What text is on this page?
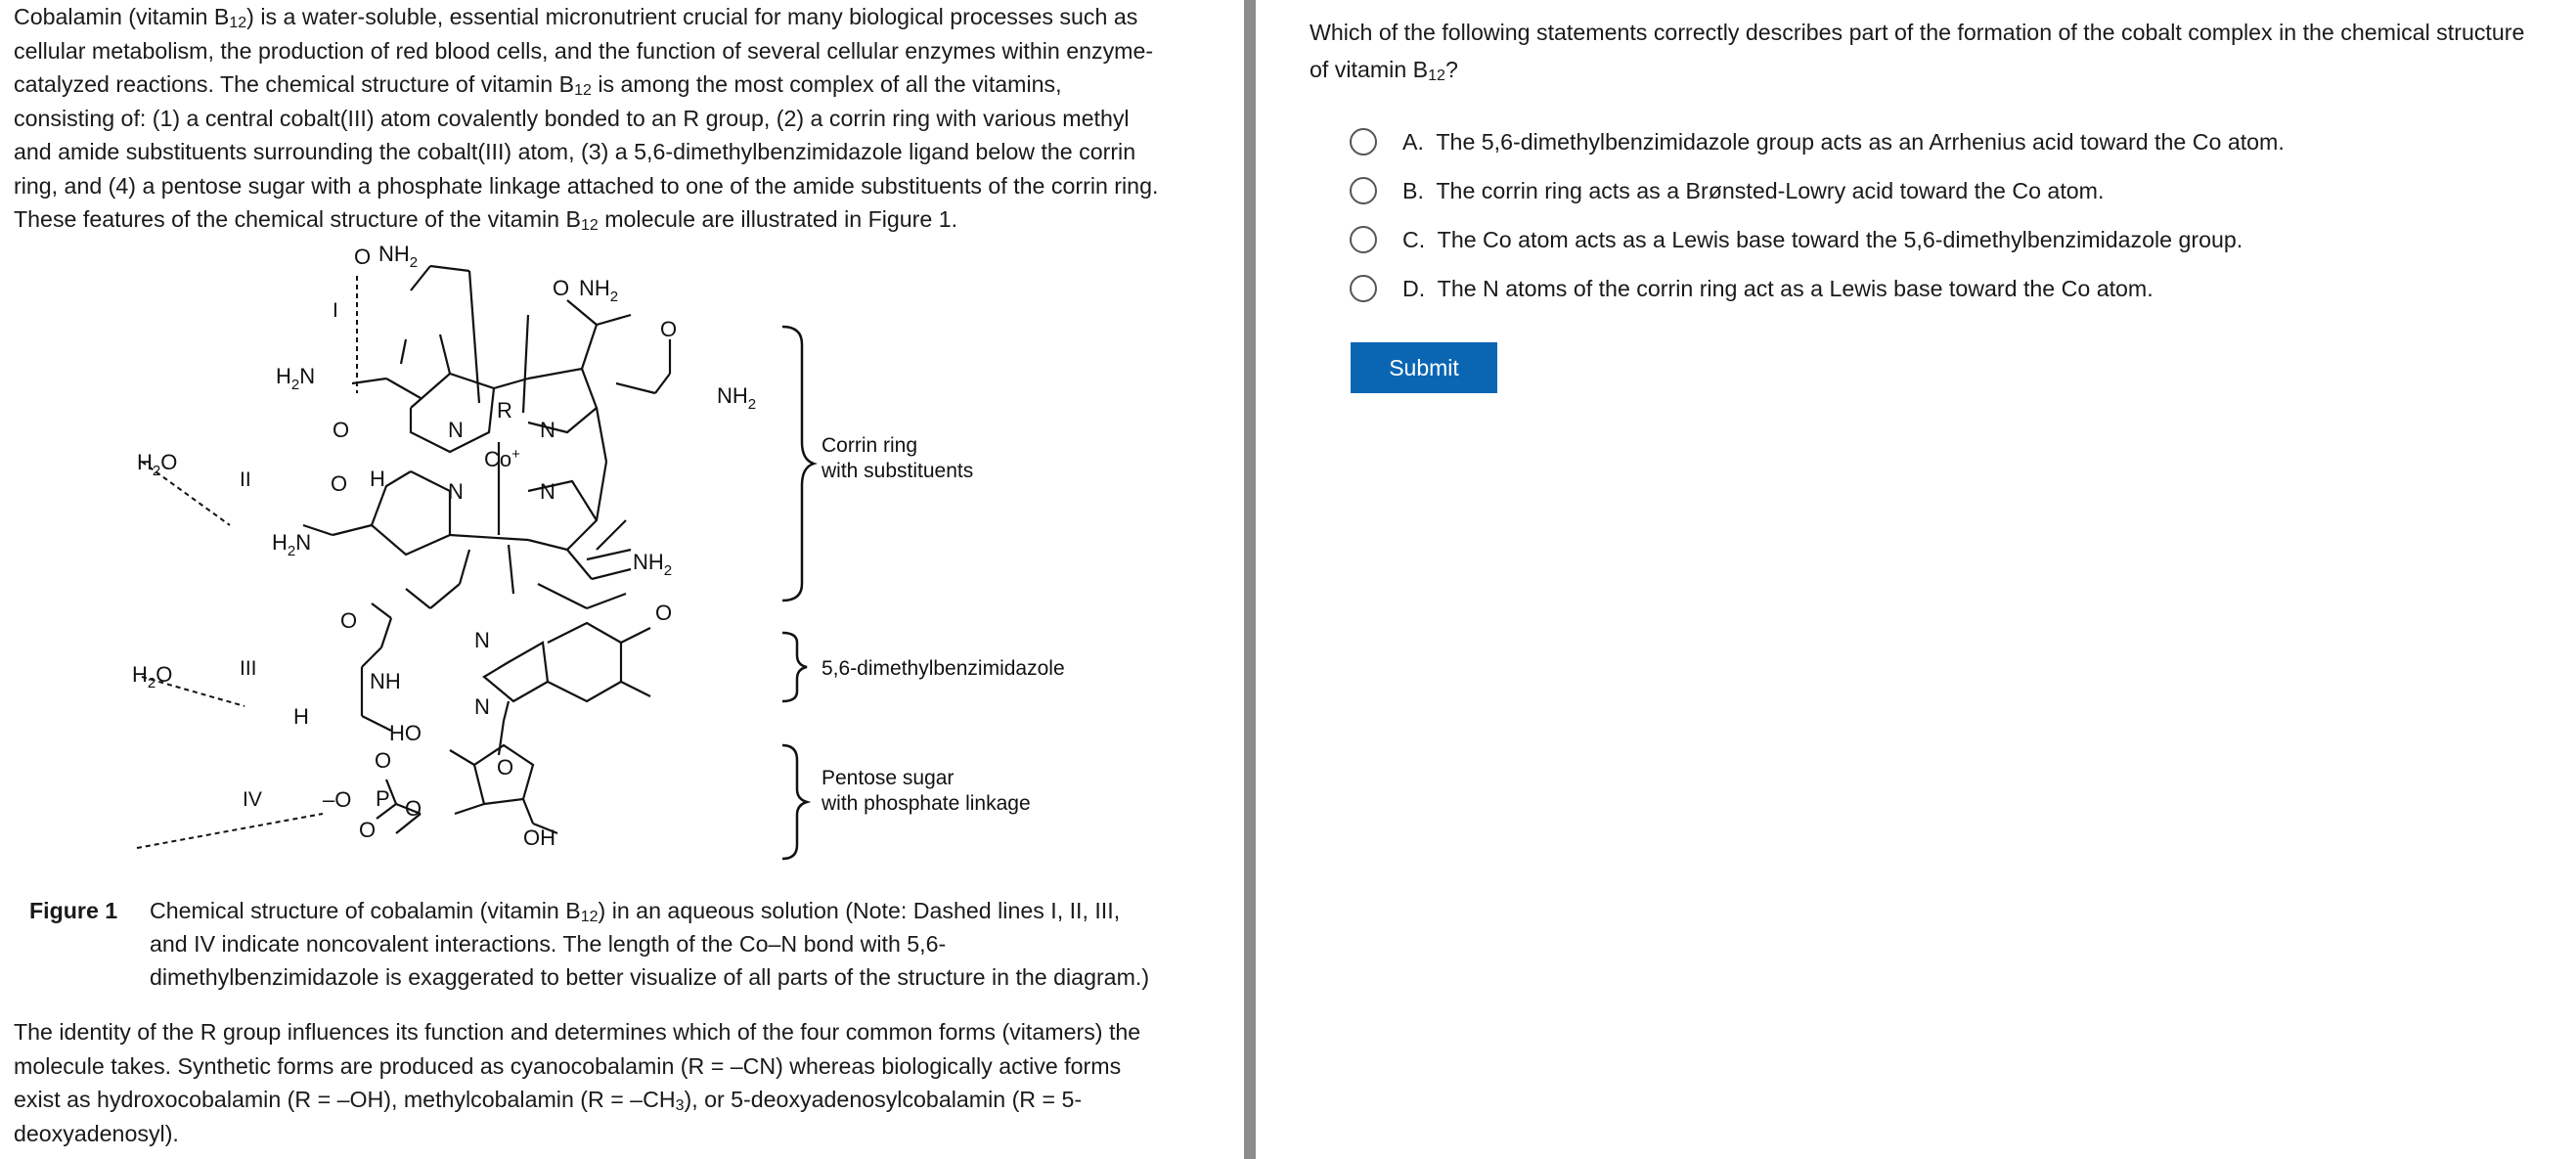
Cobalamin (vitamin $B_{12}$) is a water-soluble, essential micronutrient crucial for many biological processes such as
cellular metabolism, the production of red blood cells, and the function of several cellular enzymes within enzyme-
catalyzed reactions. The chemical structure of vitamin $B_{12}$ is among the most complex of all the vitamins,
consisting of: (1) a central cobalt(III) atom covalently bonded to an R group, (2) a corrin ring with various methyl
and amide substituents surrounding the cobalt(III) atom, (3) a 5,6-dimethylbenzimidazole ligand below the corrin
ring, and (4) a pentose sugar with a phosphate linkage attached to one of the amide substituents of the corrin ring.
These features of the chemical structure of the vitamin $B_{12}$ molecule are illustrated in Figure 1.
O $NH_2$
O $NH_2$
O
$NH_2$
$H_2N$
O
R
N	N
Co+
H
N	N
O
$H_2N$
$NH_2$
O
O
N
NH
N
H
HO
O	O
–O P O
O	OH
$H_2O$
$H_2O$
I
II
III
IV
Corrin ring
with substituents
5,6-dimethylbenzimidazole
Pentose sugar
with phosphate linkage
Figure 1 Chemical structure of cobalamin (vitamin $B_{12}$) in an aqueous solution (Note: Dashed lines I, II, III,
and IV indicate noncovalent interactions. The length of the Co–N bond with 5,6-
dimethylbenzimidazole is exaggerated to better visualize of all parts of the structure in the diagram.)
The identity of the R group influences its function and determines which of the four common forms (vitamers) the
molecule takes. Synthetic forms are produced as cyanocobalamin (R = –CN) whereas biologically active forms
exist as hydroxocobalamin (R = –OH), methylcobalamin $(R = -CH_3)$, or 5-deoxyadenosylcobalamin (R = 5-
deoxyadenosyl).
Which of the following statements correctly describes part of the formation of the cobalt complex in the chemical structure
of vitamin $B_{12}$?
A. The 5,6-dimethylbenzimidazole group acts as an Arrhenius acid toward the Co atom.
B. The corrin ring acts as a Brønsted-Lowry acid toward the Co atom.
C. The Co atom acts as a Lewis base toward the 5,6-dimethylbenzimidazole group.
D. The N atoms of the corrin ring act as a Lewis base toward the Co atom.
Submit
